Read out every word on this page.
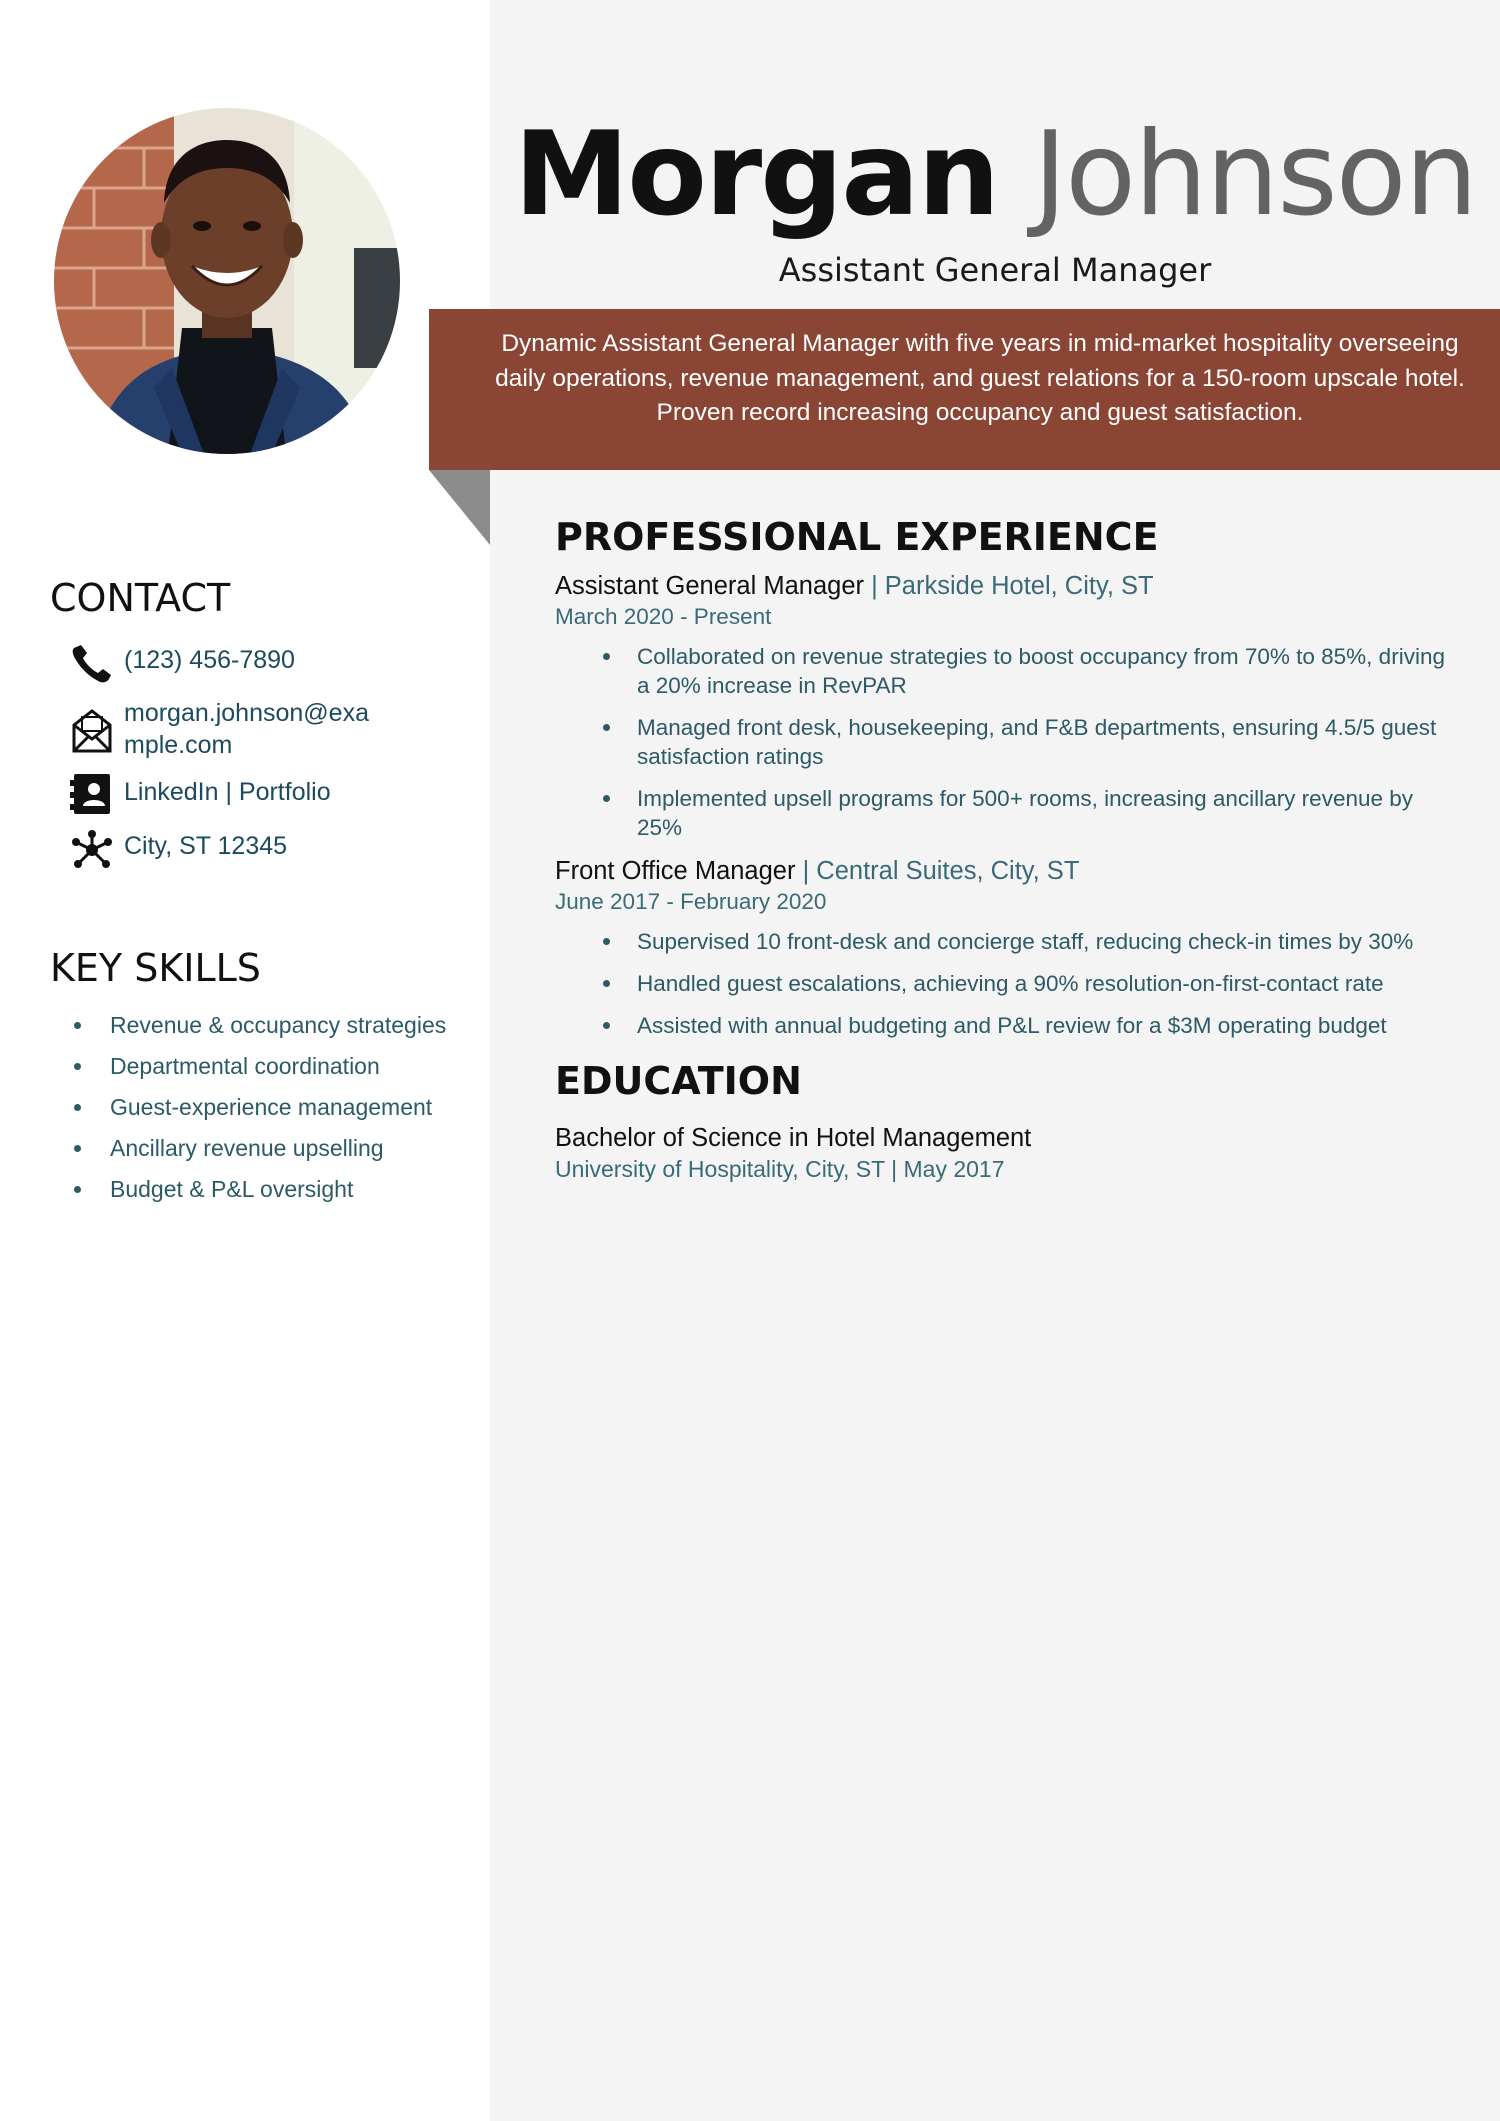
Morgan Johnson
Assistant General Manager
Dynamic Assistant General Manager with five years in mid-market hospitality overseeing daily operations, revenue management, and guest relations for a 150-room upscale hotel. Proven record increasing occupancy and guest satisfaction.
CONTACT
(123) 456-7890
morgan.johnson@example.com
LinkedIn | Portfolio
City, ST 12345
KEY SKILLS
Revenue & occupancy strategies
Departmental coordination
Guest-experience management
Ancillary revenue upselling
Budget & P&L oversight
PROFESSIONAL EXPERIENCE
Assistant General Manager | Parkside Hotel, City, ST
March 2020 - Present
Collaborated on revenue strategies to boost occupancy from 70% to 85%, driving a 20% increase in RevPAR
Managed front desk, housekeeping, and F&B departments, ensuring 4.5/5 guest satisfaction ratings
Implemented upsell programs for 500+ rooms, increasing ancillary revenue by 25%
Front Office Manager | Central Suites, City, ST
June 2017 - February 2020
Supervised 10 front-desk and concierge staff, reducing check-in times by 30%
Handled guest escalations, achieving a 90% resolution-on-first-contact rate
Assisted with annual budgeting and P&L review for a $3M operating budget
EDUCATION
Bachelor of Science in Hotel Management
University of Hospitality, City, ST | May 2017
